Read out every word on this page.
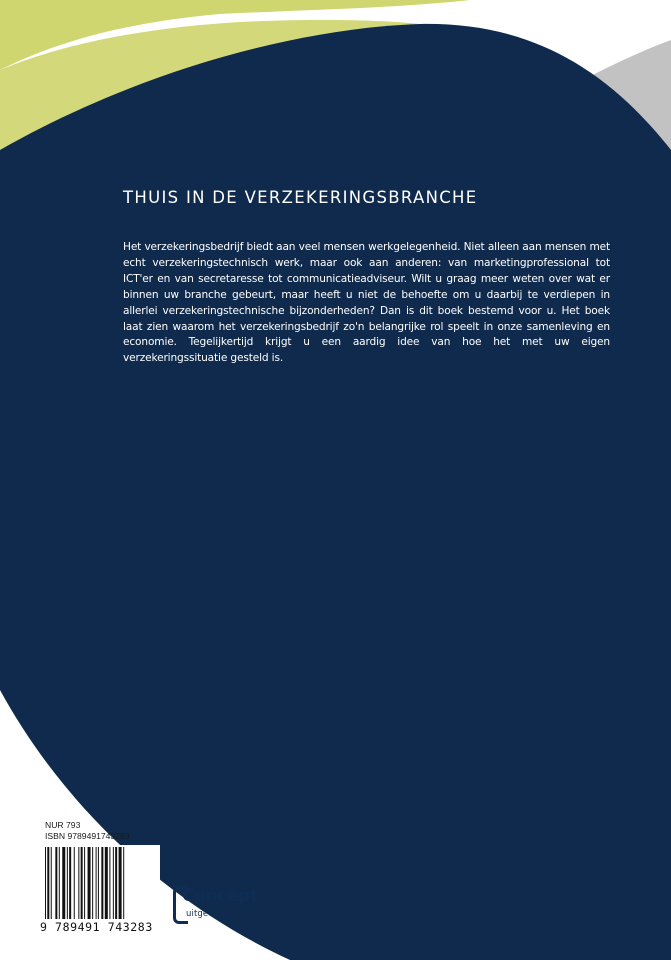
THUIS IN DE VERZEKERINGSBRANCHE

Het verzekeringsbedrijf biedt aan veel mensen werkgelegenheid. Niet alleen aan mensen met echt verzekeringstechnisch werk, maar ook aan anderen: van marketingprofessional tot ICT'er en van secretaresse tot communicatieadviseur. Wilt u graag meer weten over wat er binnen uw branche gebeurt, maar heeft u niet de behoefte om u daarbij te verdiepen in allerlei verzekeringstechnische bijzonderheden? Dan is dit boek bestemd voor u. Het boek laat zien waarom het verzekeringsbedrijf zo'n belangrijke rol speelt in onze samenleving en economie. Tegelijkertijd krijgt u een aardig idee van hoe het met uw eigen verzekeringssituatie gesteld is.

NUR 793
ISBN 9789491743283
9 789491 743283
Concept
uitgeefgroep
